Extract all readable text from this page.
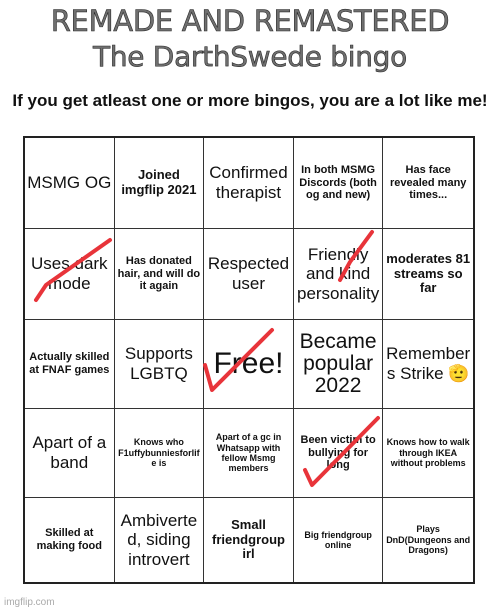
REMADE AND REMASTERED
The DarthSwede bingo
If you get atleast one or more bingos, you are a lot like me!
MSMG OG	Joined imgflip 2021
Confirmed therapist
In both MSMG Discords (both og and new)
Has face revealed many times...
Uses dark mode
Has donated hair, and will do it again
Respected user
Friendly and kind personality
moderates 81 streams so far
Actually skilled at FNAF games
Supports LGBTQ Free!
Became popular 2022
Remembers Strike 🫡
Apart of a band
Knows who F1uffybunniesforlife is
Apart of a gc in Whatsapp with fellow Msmg members
Been victim to bullying for long
Knows how to walk through IKEA without problems
Skilled at making food
Ambiverted, siding introvert
Small friendgroup irl
Big friendgroup online
Plays DnD(Dungeons and Dragons)
imgflip.com
